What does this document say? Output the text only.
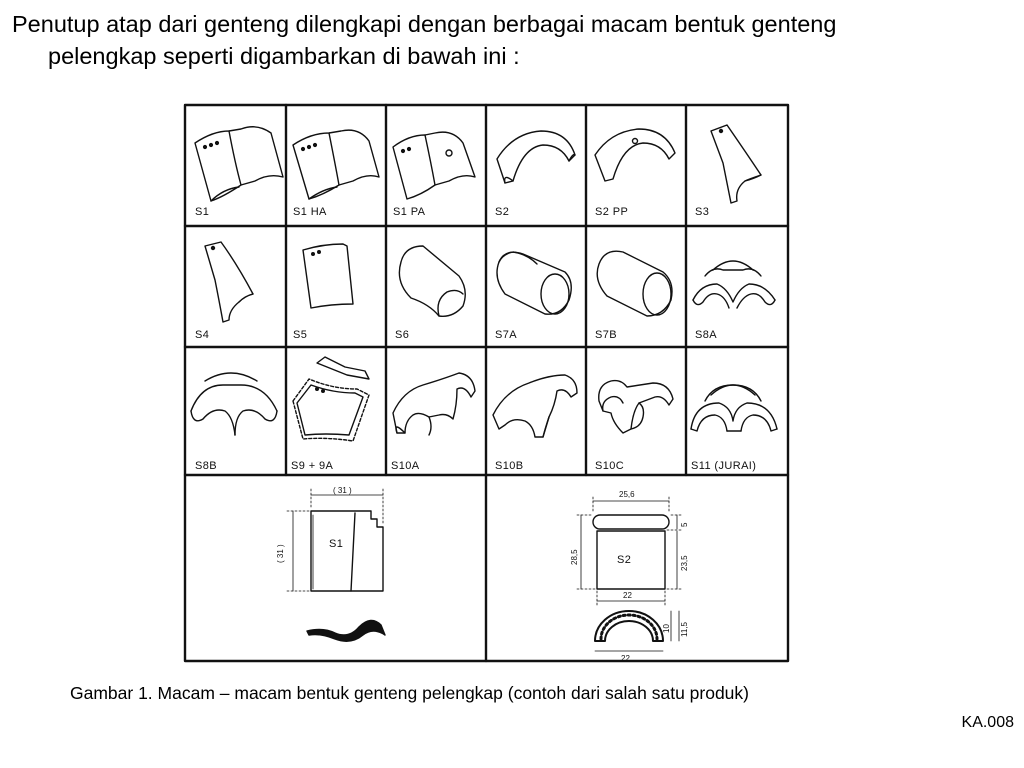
Penutup atap dari genteng dilengkapi dengan berbagai macam bentuk genteng
pelengkap seperti digambarkan di bawah ini :

S1	S1 HA	S1 PA	S2	S2 PP	S3
S4	S5	S6	S7A	S7B	S8A
S8B	S9 + 9A	S10A	S10B	S10C	S11 (JURAI)
( 31 )
( 31 )
S1
25,6
28,5
5
23,5
S2
22
22
10 11,5

Gambar 1. Macam – macam bentuk genteng pelengkap (contoh dari salah satu produk)

KA.008
